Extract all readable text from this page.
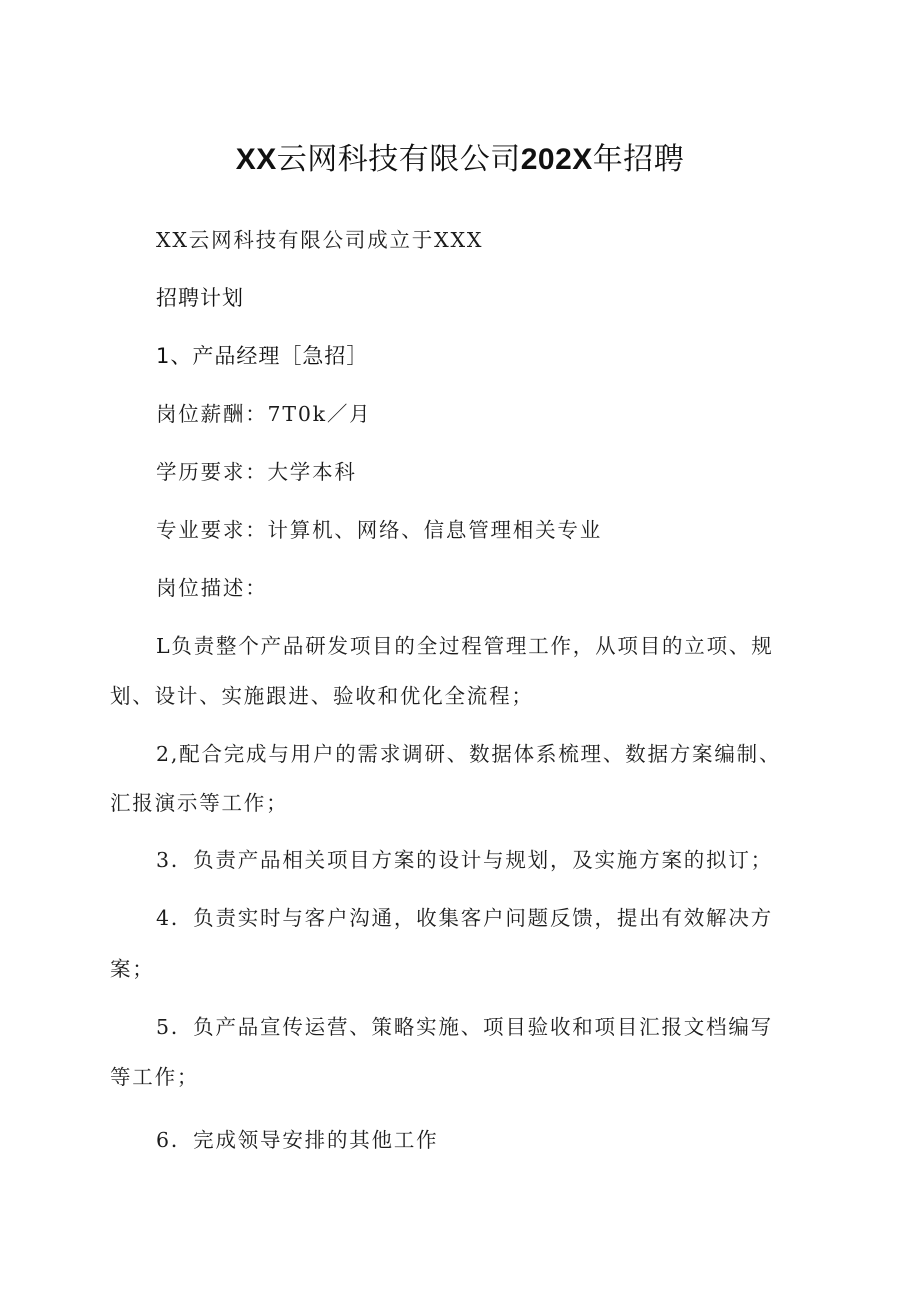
XX云网科技有限公司202X年招聘
XX云网科技有限公司成立于XXX
招聘计划
1、产品经理［急招］
岗位薪酬：7T0k／月
学历要求：大学本科
专业要求：计算机、网络、信息管理相关专业
岗位描述：
L负责整个产品研发项目的全过程管理工作，从项目的立项、规
划、设计、实施跟进、验收和优化全流程；
2,配合完成与用户的需求调研、数据体系梳理、数据方案编制、
汇报演示等工作；
3．负责产品相关项目方案的设计与规划，及实施方案的拟订；
4．负责实时与客户沟通，收集客户问题反馈，提出有效解决方
案；
5．负产品宣传运营、策略实施、项目验收和项目汇报文档编写
等工作；
6．完成领导安排的其他工作
